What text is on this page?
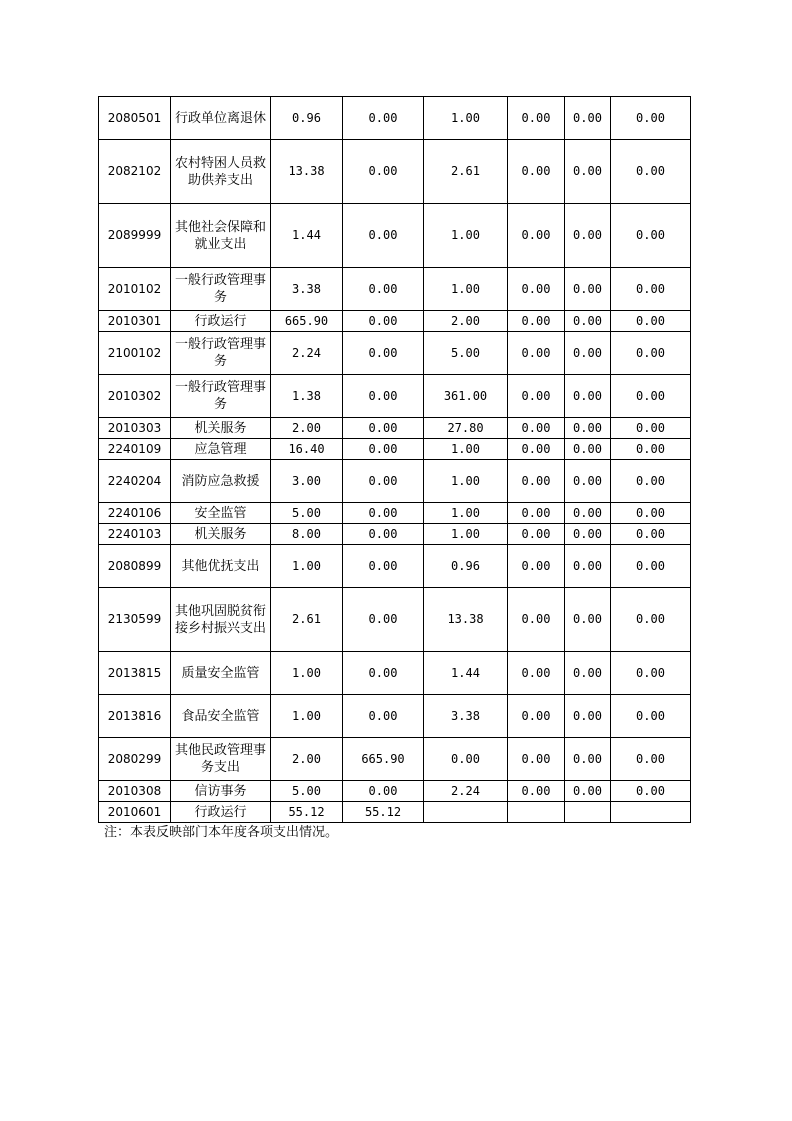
2080501	行政单位离退休	0.96	0.00	1.00	0.00	0.00	0.00
2082102	农村特困人员救助供养支出	13.38	0.00	2.61	0.00	0.00	0.00
2089999	其他社会保障和就业支出	1.44	0.00	1.00	0.00	0.00	0.00
2010102	一般行政管理事务	3.38	0.00	1.00	0.00	0.00	0.00
2010301	行政运行	665.90	0.00	2.00	0.00	0.00	0.00
2100102	一般行政管理事务	2.24	0.00	5.00	0.00	0.00	0.00
2010302	一般行政管理事务	1.38	0.00	361.00	0.00	0.00	0.00
2010303	机关服务	2.00	0.00	27.80	0.00	0.00	0.00
2240109	应急管理	16.40	0.00	1.00	0.00	0.00	0.00
2240204	消防应急救援	3.00	0.00	1.00	0.00	0.00	0.00
2240106	安全监管	5.00	0.00	1.00	0.00	0.00	0.00
2240103	机关服务	8.00	0.00	1.00	0.00	0.00	0.00
2080899	其他优抚支出	1.00	0.00	0.96	0.00	0.00	0.00
2130599	其他巩固脱贫衔接乡村振兴支出	2.61	0.00	13.38	0.00	0.00	0.00
2013815	质量安全监管	1.00	0.00	1.44	0.00	0.00	0.00
2013816	食品安全监管	1.00	0.00	3.38	0.00	0.00	0.00
2080299	其他民政管理事务支出	2.00	665.90	0.00	0.00	0.00	0.00
2010308	信访事务	5.00	0.00	2.24	0.00	0.00	0.00
2010601	行政运行	55.12	55.12				
注：本表反映部门本年度各项支出情况。
